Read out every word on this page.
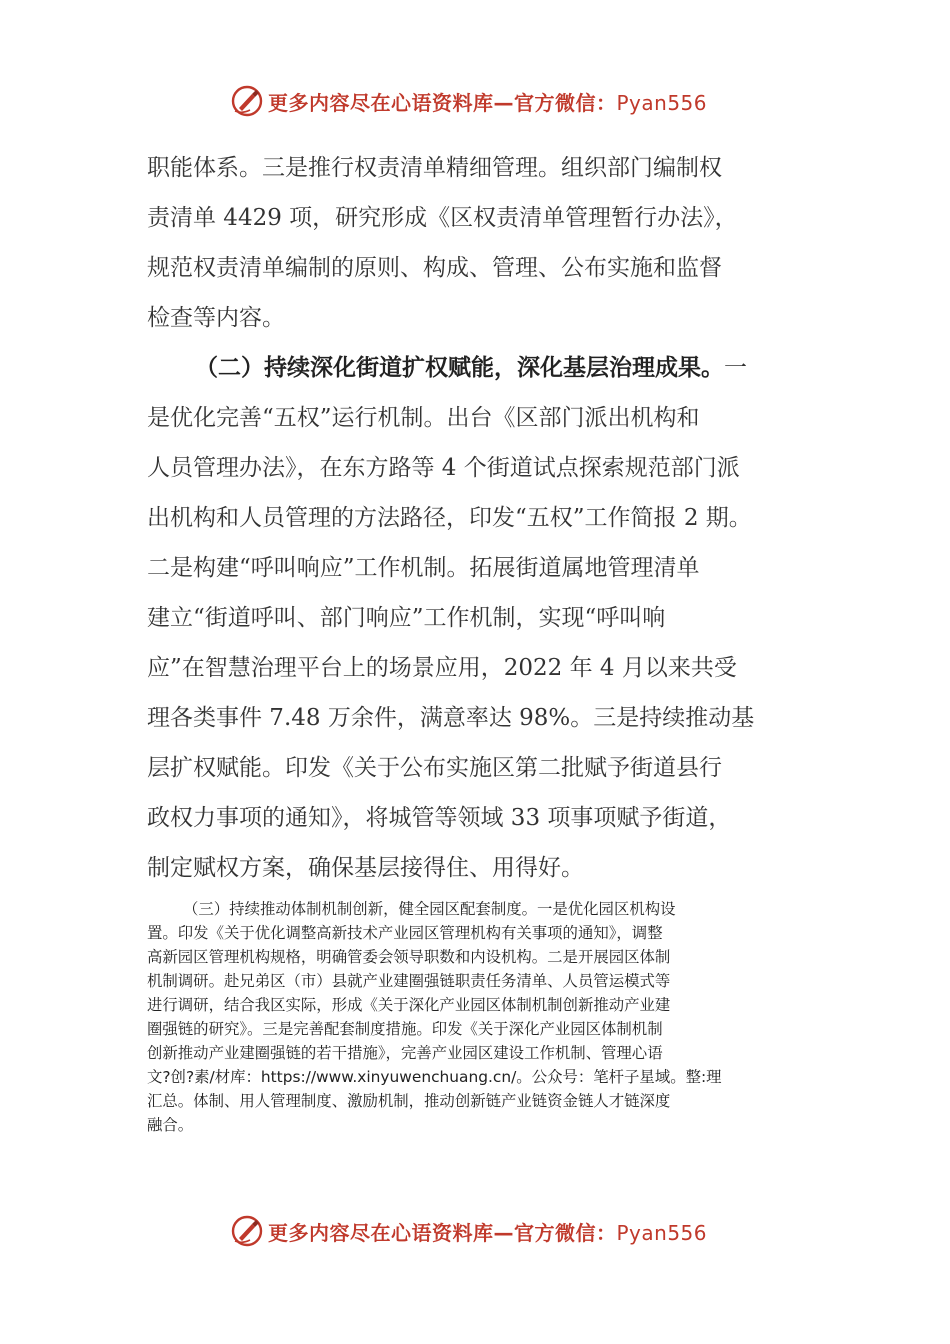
更多内容尽在心语资料库—官方微信：Pyan556
职能体系。三是推行权责清单精细管理。组织部门编制权
责清单 4429 项，研究形成《区权责清单管理暂行办法》，
规范权责清单编制的原则、构成、管理、公布实施和监督
检查等内容。
（二）持续深化街道扩权赋能，深化基层治理成果。一
是优化完善“五权”运行机制。出台《区部门派出机构和
人员管理办法》，在东方路等 4 个街道试点探索规范部门派
出机构和人员管理的方法路径，印发“五权”工作简报 2 期。
二是构建“呼叫响应”工作机制。拓展街道属地管理清单
建立“街道呼叫、部门响应”工作机制，实现“呼叫响
应”在智慧治理平台上的场景应用，2022 年 4 月以来共受
理各类事件 7.48 万余件，满意率达 98%。三是持续推动基
层扩权赋能。印发《关于公布实施区第二批赋予街道县行
政权力事项的通知》，将城管等领域 33 项事项赋予街道，
制定赋权方案，确保基层接得住、用得好。
（三）持续推动体制机制创新，健全园区配套制度。一是优化园区机构设
置。印发《关于优化调整高新技术产业园区管理机构有关事项的通知》，调整
高新园区管理机构规格，明确管委会领导职数和内设机构。二是开展园区体制
机制调研。赴兄弟区（市）县就产业建圈强链职责任务清单、人员管运模式等
进行调研，结合我区实际，形成《关于深化产业园区体制机制创新推动产业建
圈强链的研究》。三是完善配套制度措施。印发《关于深化产业园区体制机制
创新推动产业建圈强链的若干措施》，完善产业园区建设工作机制、管理心语
文?创?素/材库：https://www.xinyuwenchuang.cn/。公众号：笔杆子星域。整:理
汇总。体制、用人管理制度、激励机制，推动创新链产业链资金链人才链深度
融合。
更多内容尽在心语资料库—官方微信：Pyan556
